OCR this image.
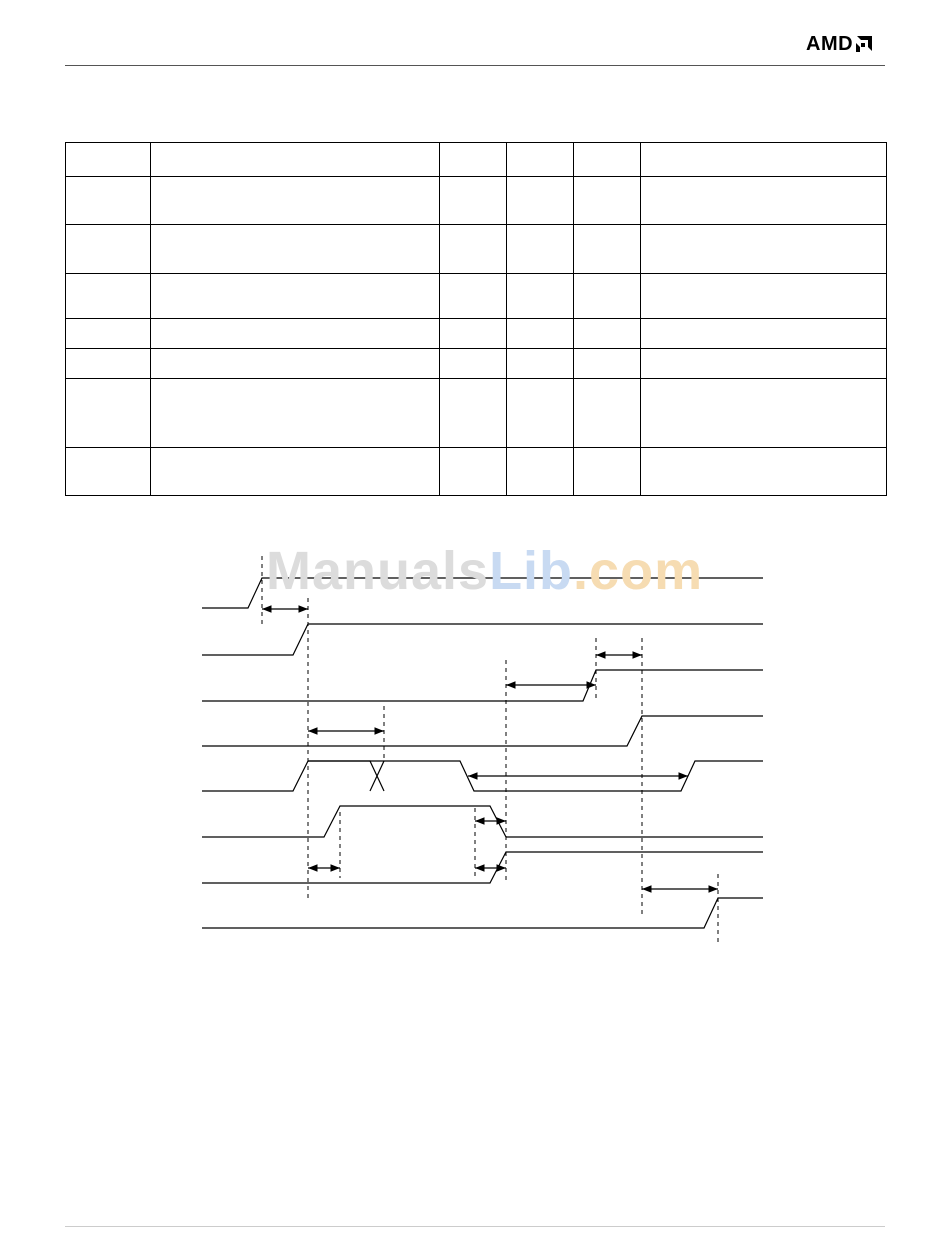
AMD

ManualsLib.com
